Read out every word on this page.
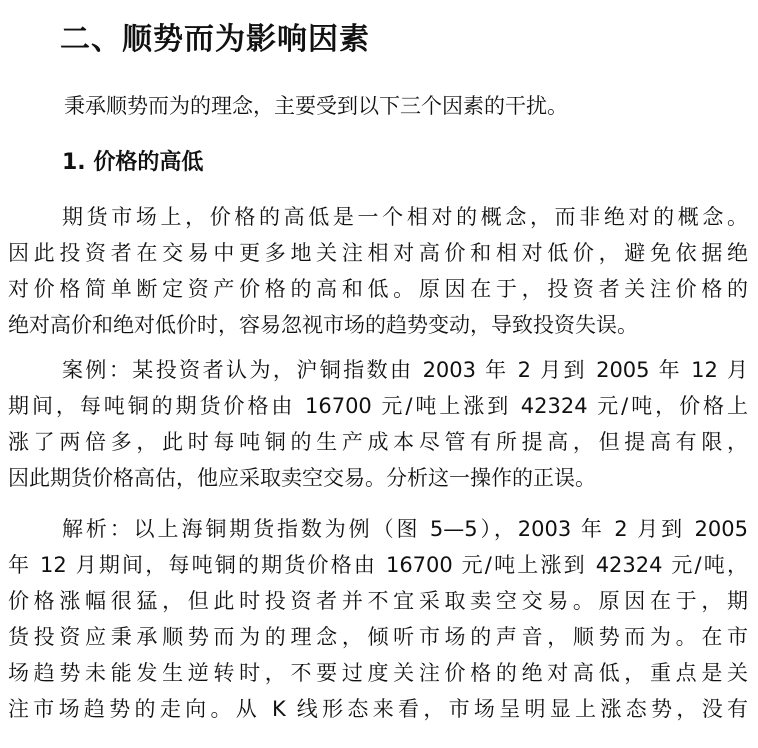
二、顺势而为影响因素

秉承顺势而为的理念，主要受到以下三个因素的干扰。

1. 价格的高低
期货市场上，价格的高低是一个相对的概念，而非绝对的概念。
因此投资者在交易中更多地关注相对高价和相对低价，避免依据绝
对价格简单断定资产价格的高和低。原因在于，投资者关注价格的
绝对高价和绝对低价时，容易忽视市场的趋势变动，导致投资失误。
案例：某投资者认为，沪铜指数由 2003 年 2 月到 2005 年 12 月
期间，每吨铜的期货价格由 16700 元/吨上涨到 42324 元/吨，价格上
涨了两倍多，此时每吨铜的生产成本尽管有所提高，但提高有限，
因此期货价格高估，他应采取卖空交易。分析这一操作的正误。
解析：以上海铜期货指数为例（图 5—5），2003 年 2 月到 2005
年 12 月期间，每吨铜的期货价格由 16700 元/吨上涨到 42324 元/吨，
价格涨幅很猛，但此时投资者并不宜采取卖空交易。原因在于，期
货投资应秉承顺势而为的理念，倾听市场的声音，顺势而为。在市
场趋势未能发生逆转时，不要过度关注价格的绝对高低，重点是关
注市场趋势的走向。从 K 线形态来看，市场呈明显上涨态势，没有
